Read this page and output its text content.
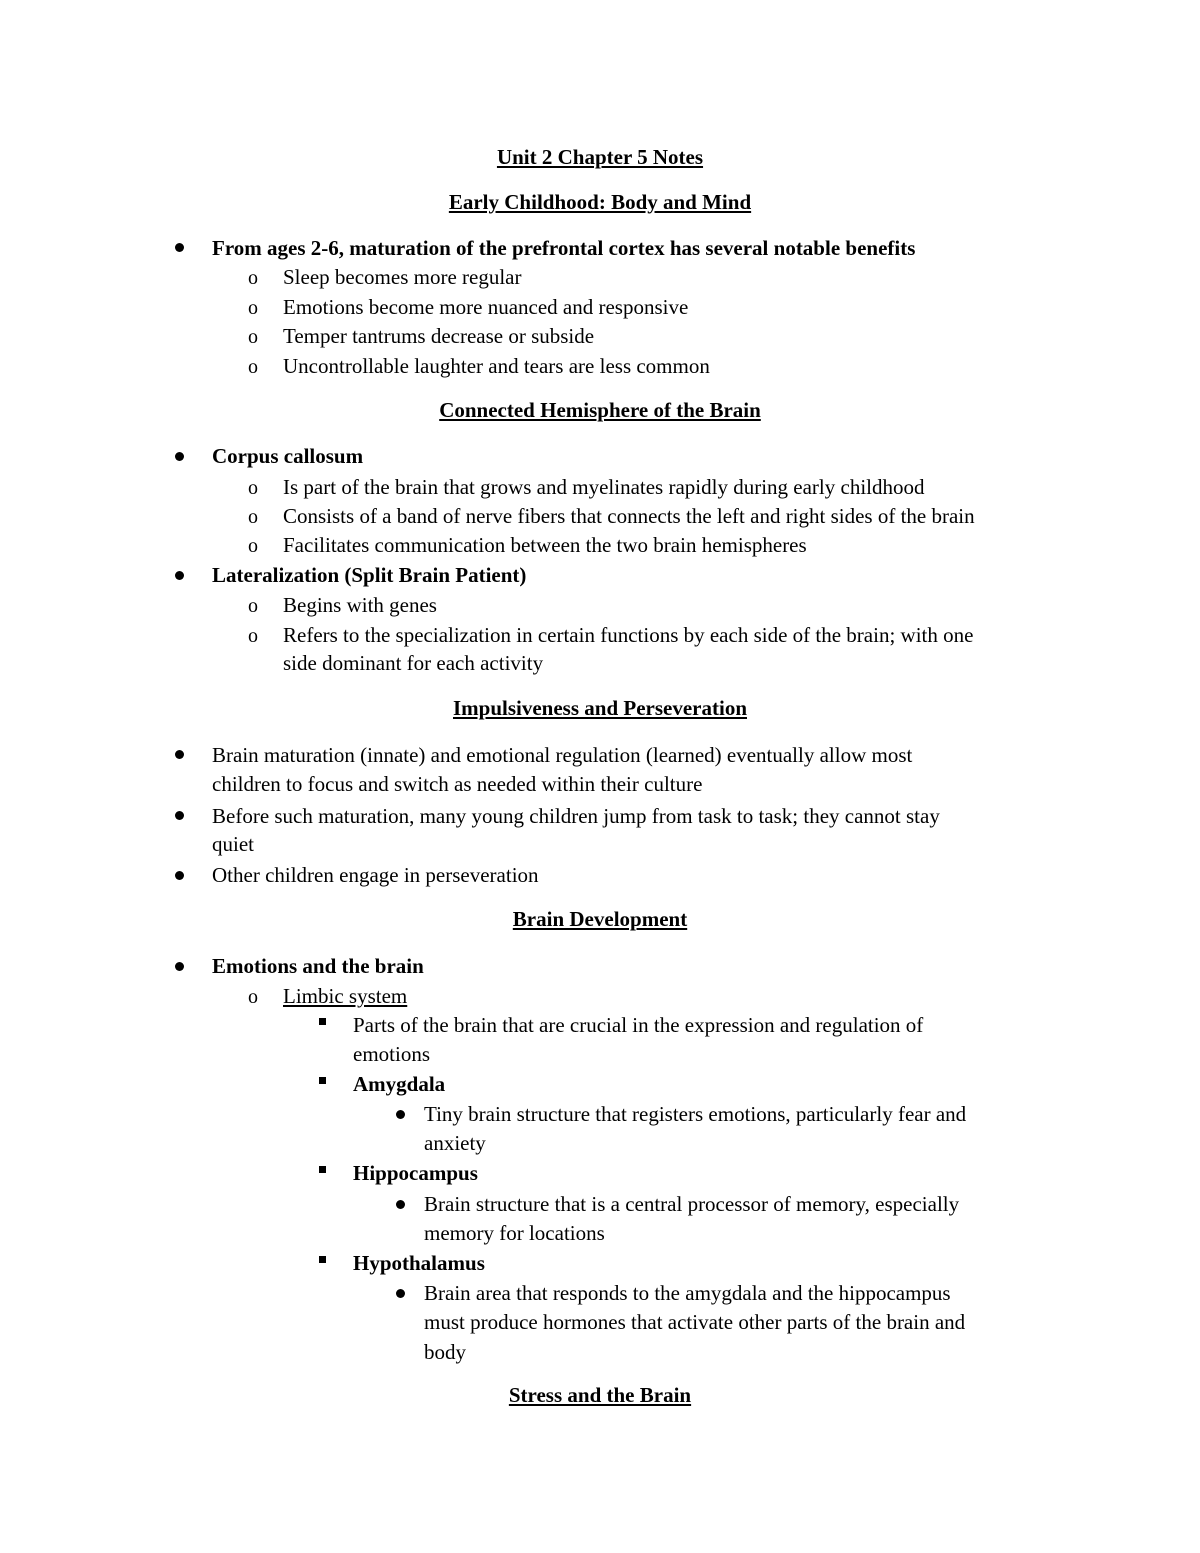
Unit 2 Chapter 5 Notes
Early Childhood: Body and Mind
From ages 2-6, maturation of the prefrontal cortex has several notable benefits
o Sleep becomes more regular
o Emotions become more nuanced and responsive
o Temper tantrums decrease or subside
o Uncontrollable laughter and tears are less common
Connected Hemisphere of the Brain
Corpus callosum
o Is part of the brain that grows and myelinates rapidly during early childhood
o Consists of a band of nerve fibers that connects the left and right sides of the brain
o Facilitates communication between the two brain hemispheres
Lateralization (Split Brain Patient)
o Begins with genes
o Refers to the specialization in certain functions by each side of the brain; with one
side dominant for each activity
Impulsiveness and Perseveration
Brain maturation (innate) and emotional regulation (learned) eventually allow most
children to focus and switch as needed within their culture
Before such maturation, many young children jump from task to task; they cannot stay
quiet
Other children engage in perseveration
Brain Development
Emotions and the brain
o Limbic system
Parts of the brain that are crucial in the expression and regulation of
emotions
Amygdala
Tiny brain structure that registers emotions, particularly fear and
anxiety
Hippocampus
Brain structure that is a central processor of memory, especially
memory for locations
Hypothalamus
Brain area that responds to the amygdala and the hippocampus
must produce hormones that activate other parts of the brain and
body
Stress and the Brain
